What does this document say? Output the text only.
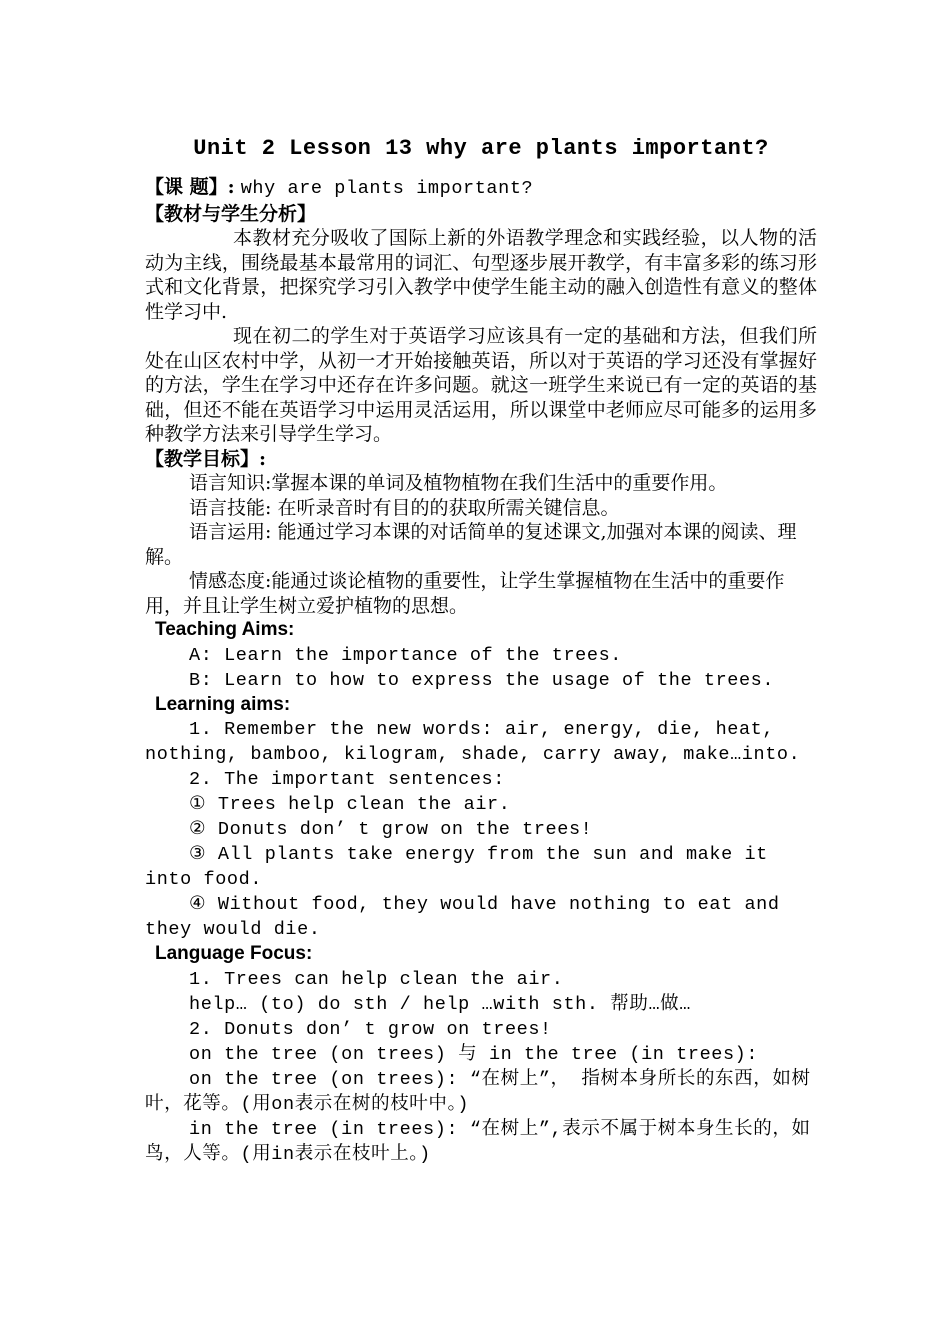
Unit 2 Lesson 13 why are plants important?

【课 题】: why are plants important?

【教材与学生分析】

本教材充分吸收了国际上新的外语教学理念和实践经验，以人物的活动为主线，围绕最基本最常用的词汇、句型逐步展开教学，有丰富多彩的练习形式和文化背景，把探究学习引入教学中使学生能主动的融入创造性有意义的整体性学习中.

现在初二的学生对于英语学习应该具有一定的基础和方法，但我们所处在山区农村中学，从初一才开始接触英语，所以对于英语的学习还没有掌握好的方法，学生在学习中还存在许多问题。就这一班学生来说已有一定的英语的基础，但还不能在英语学习中运用灵活运用，所以课堂中老师应尽可能多的运用多种教学方法来引导学生学习。

【教学目标】:

语言知识:掌握本课的单词及植物植物在我们生活中的重要作用。

语言技能: 在听录音时有目的的获取所需关键信息。

语言运用: 能通过学习本课的对话简单的复述课文,加强对本课的阅读、理解。

情感态度:能通过谈论植物的重要性，让学生掌握植物在生活中的重要作用，并且让学生树立爱护植物的思想。

Teaching Aims:

A: Learn the importance of the trees.

B: Learn to how to express the usage of the trees.

Learning aims:

1. Remember the new words: air, energy, die, heat, nothing, bamboo, kilogram, shade, carry away, make…into.

2. The important sentences:

① Trees help clean the air.

② Donuts don’ t grow on the trees!

③ All plants take energy from the sun and make it into food.

④ Without food, they would have nothing to eat and they would die.

Language Focus:

1. Trees can help clean the air.

help… (to) do sth / help …with sth. 帮助…做…

2. Donuts don’ t grow on trees!

on the tree (on trees) 与 in the tree (in trees):

on the tree (on trees): “在树上”， 指树本身所长的东西，如树叶，花等。(用on表示在树的枝叶中。)

in the tree (in trees): “在树上”,表示不属于树本身生长的，如鸟，人等。(用in表示在枝叶上。)
